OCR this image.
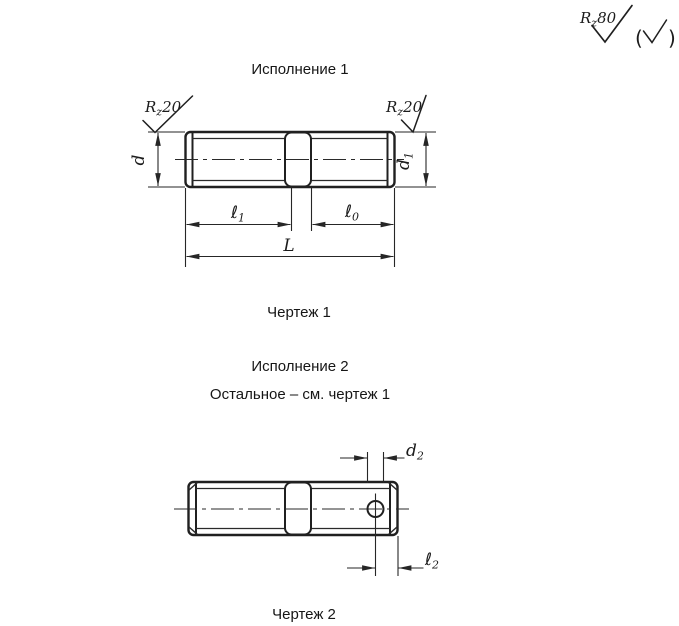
Исполнение 1
Чертеж 1
Исполнение 2
Остальное – см. чертеж 1
Чертеж 2
$R_z80$
( )
$R_z20$	$R_z20$
d	$d_1$
ℓ$_1$	ℓ$_0$
L
$d_2$
ℓ$_2$
